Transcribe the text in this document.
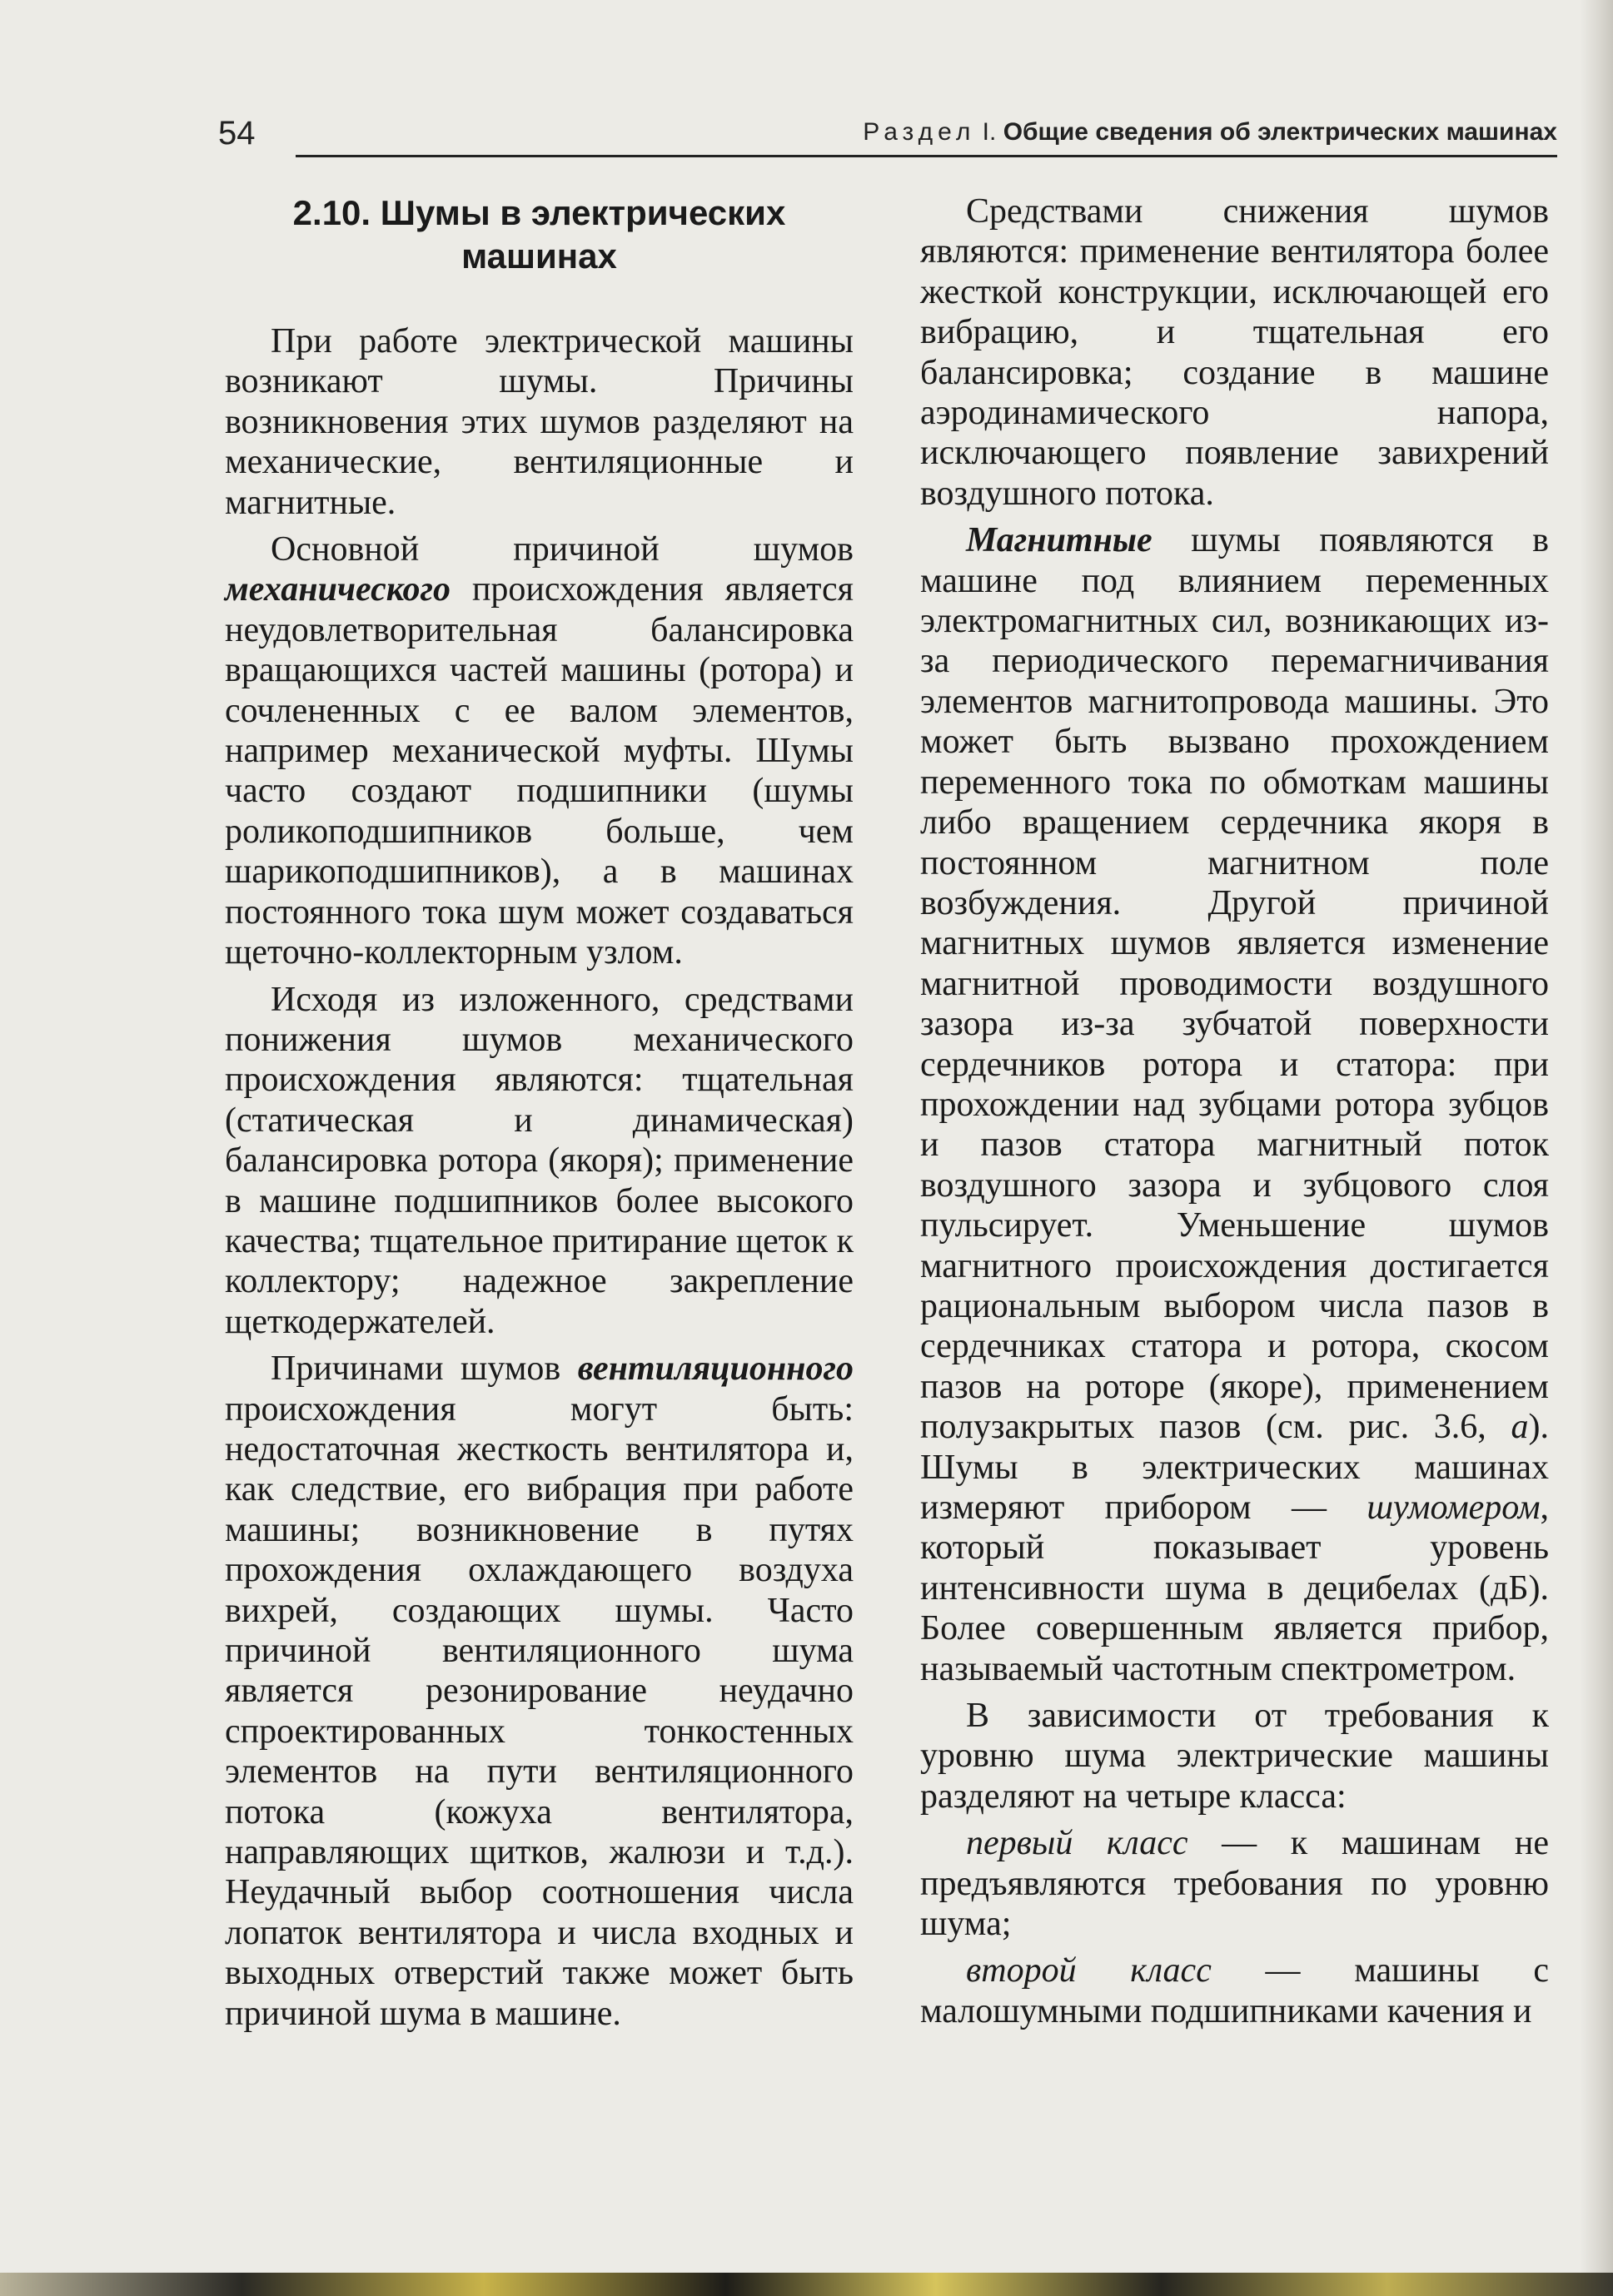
54	Раздел I. Общие сведения об электрических машинах
2.10. Шумы в электрических
машинах

При работе электрической машины возникают шумы. Причины возникновения этих шумов разделяют на механические, вентиляционные и магнитные.

Основной причиной шумов механического происхождения является неудовлетворительная балансировка вращающихся частей машины (ротора) и сочлененных с ее валом элементов, например механической муфты. Шумы часто создают подшипники (шумы роликоподшипников больше, чем шарикоподшипников), а в машинах постоянного тока шум может создаваться щеточно-коллекторным узлом.

Исходя из изложенного, средствами понижения шумов механического происхождения являются: тщательная (статическая и динамическая) балансировка ротора (якоря); применение в машине подшипников более высокого качества; тщательное притирание щеток к коллектору; надежное закрепление щеткодержателей.

Причинами шумов вентиляционного происхождения могут быть: недостаточная жесткость вентилятора и, как следствие, его вибрация при работе машины; возникновение в путях прохождения охлаждающего воздуха вихрей, создающих шумы. Часто причиной вентиляционного шума является резонирование неудачно спроектированных тонкостенных элементов на пути вентиляционного потока (кожуха вентилятора, направляющих щитков, жалюзи и т.д.). Неудачный выбор соотношения числа лопаток вентилятора и числа входных и выходных отверстий также может быть причиной шума в машине.

Средствами снижения шумов являются: применение вентилятора более жесткой конструкции, исключающей его вибрацию, и тщательная его балансировка; создание в машине аэродинамического напора, исключающего появление завихрений воздушного потока.

Магнитные шумы появляются в машине под влиянием переменных электромагнитных сил, возникающих из-за периодического перемагничивания элементов магнитопровода машины. Это может быть вызвано прохождением переменного тока по обмоткам машины либо вращением сердечника якоря в постоянном магнитном поле возбуждения. Другой причиной магнитных шумов является изменение магнитной проводимости воздушного зазора из-за зубчатой поверхности сердечников ротора и статора: при прохождении над зубцами ротора зубцов и пазов статора магнитный поток воздушного зазора и зубцового слоя пульсирует. Уменьшение шумов магнитного происхождения достигается рациональным выбором числа пазов в сердечниках статора и ротора, скосом пазов на роторе (якоре), применением полузакрытых пазов (см. рис. 3.6, а). Шумы в электрических машинах измеряют прибором — шумомером, который показывает уровень интенсивности шума в децибелах (дБ). Более совершенным является прибор, называемый частотным спектрометром.

В зависимости от требования к уровню шума электрические машины разделяют на четыре класса:

первый класс — к машинам не предъявляются требования по уровню шума;

второй класс — машины с малошумными подшипниками качения и
